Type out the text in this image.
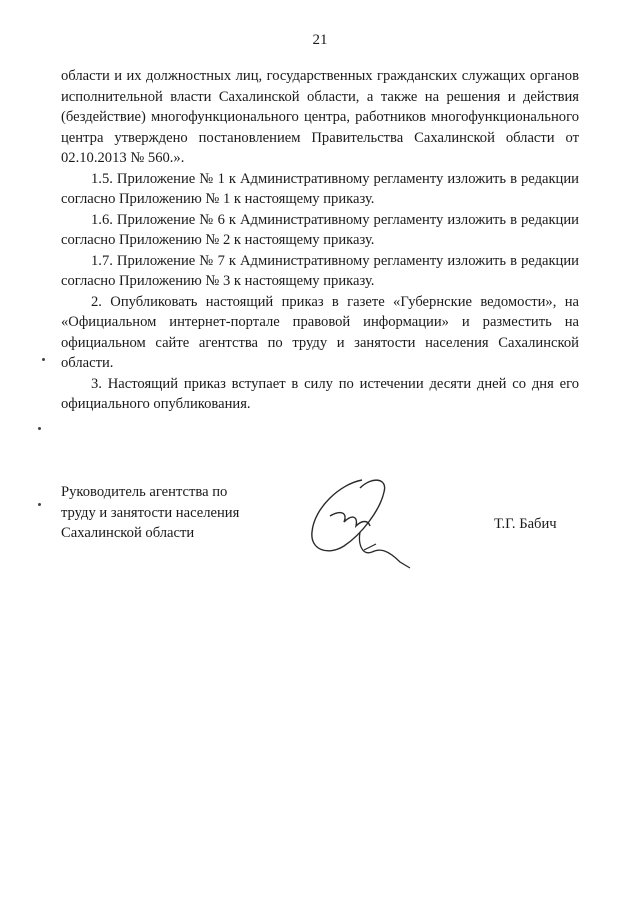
21

области и их должностных лиц, государственных гражданских служащих органов исполнительной власти Сахалинской области, а также на решения и действия (бездействие) многофункционального центра, работников многофункционального центра утверждено постановлением Правительства Сахалинской области от 02.10.2013 № 560.».

1.5. Приложение № 1 к Административному регламенту изложить в редакции согласно Приложению № 1 к настоящему приказу.

1.6. Приложение № 6 к Административному регламенту изложить в редакции согласно Приложению № 2 к настоящему приказу.

1.7. Приложение № 7 к Административному регламенту изложить в редакции согласно Приложению № 3 к настоящему приказу.

2. Опубликовать настоящий приказ в газете «Губернские ведомости», на «Официальном интернет-портале правовой информации» и разместить на официальном сайте агентства по труду и занятости населения Сахалинской области.

3. Настоящий приказ вступает в силу по истечении десяти дней со дня его официального опубликования.

Руководитель агентства по
труду и занятости населения
Сахалинской области
Т.Г. Бабич
